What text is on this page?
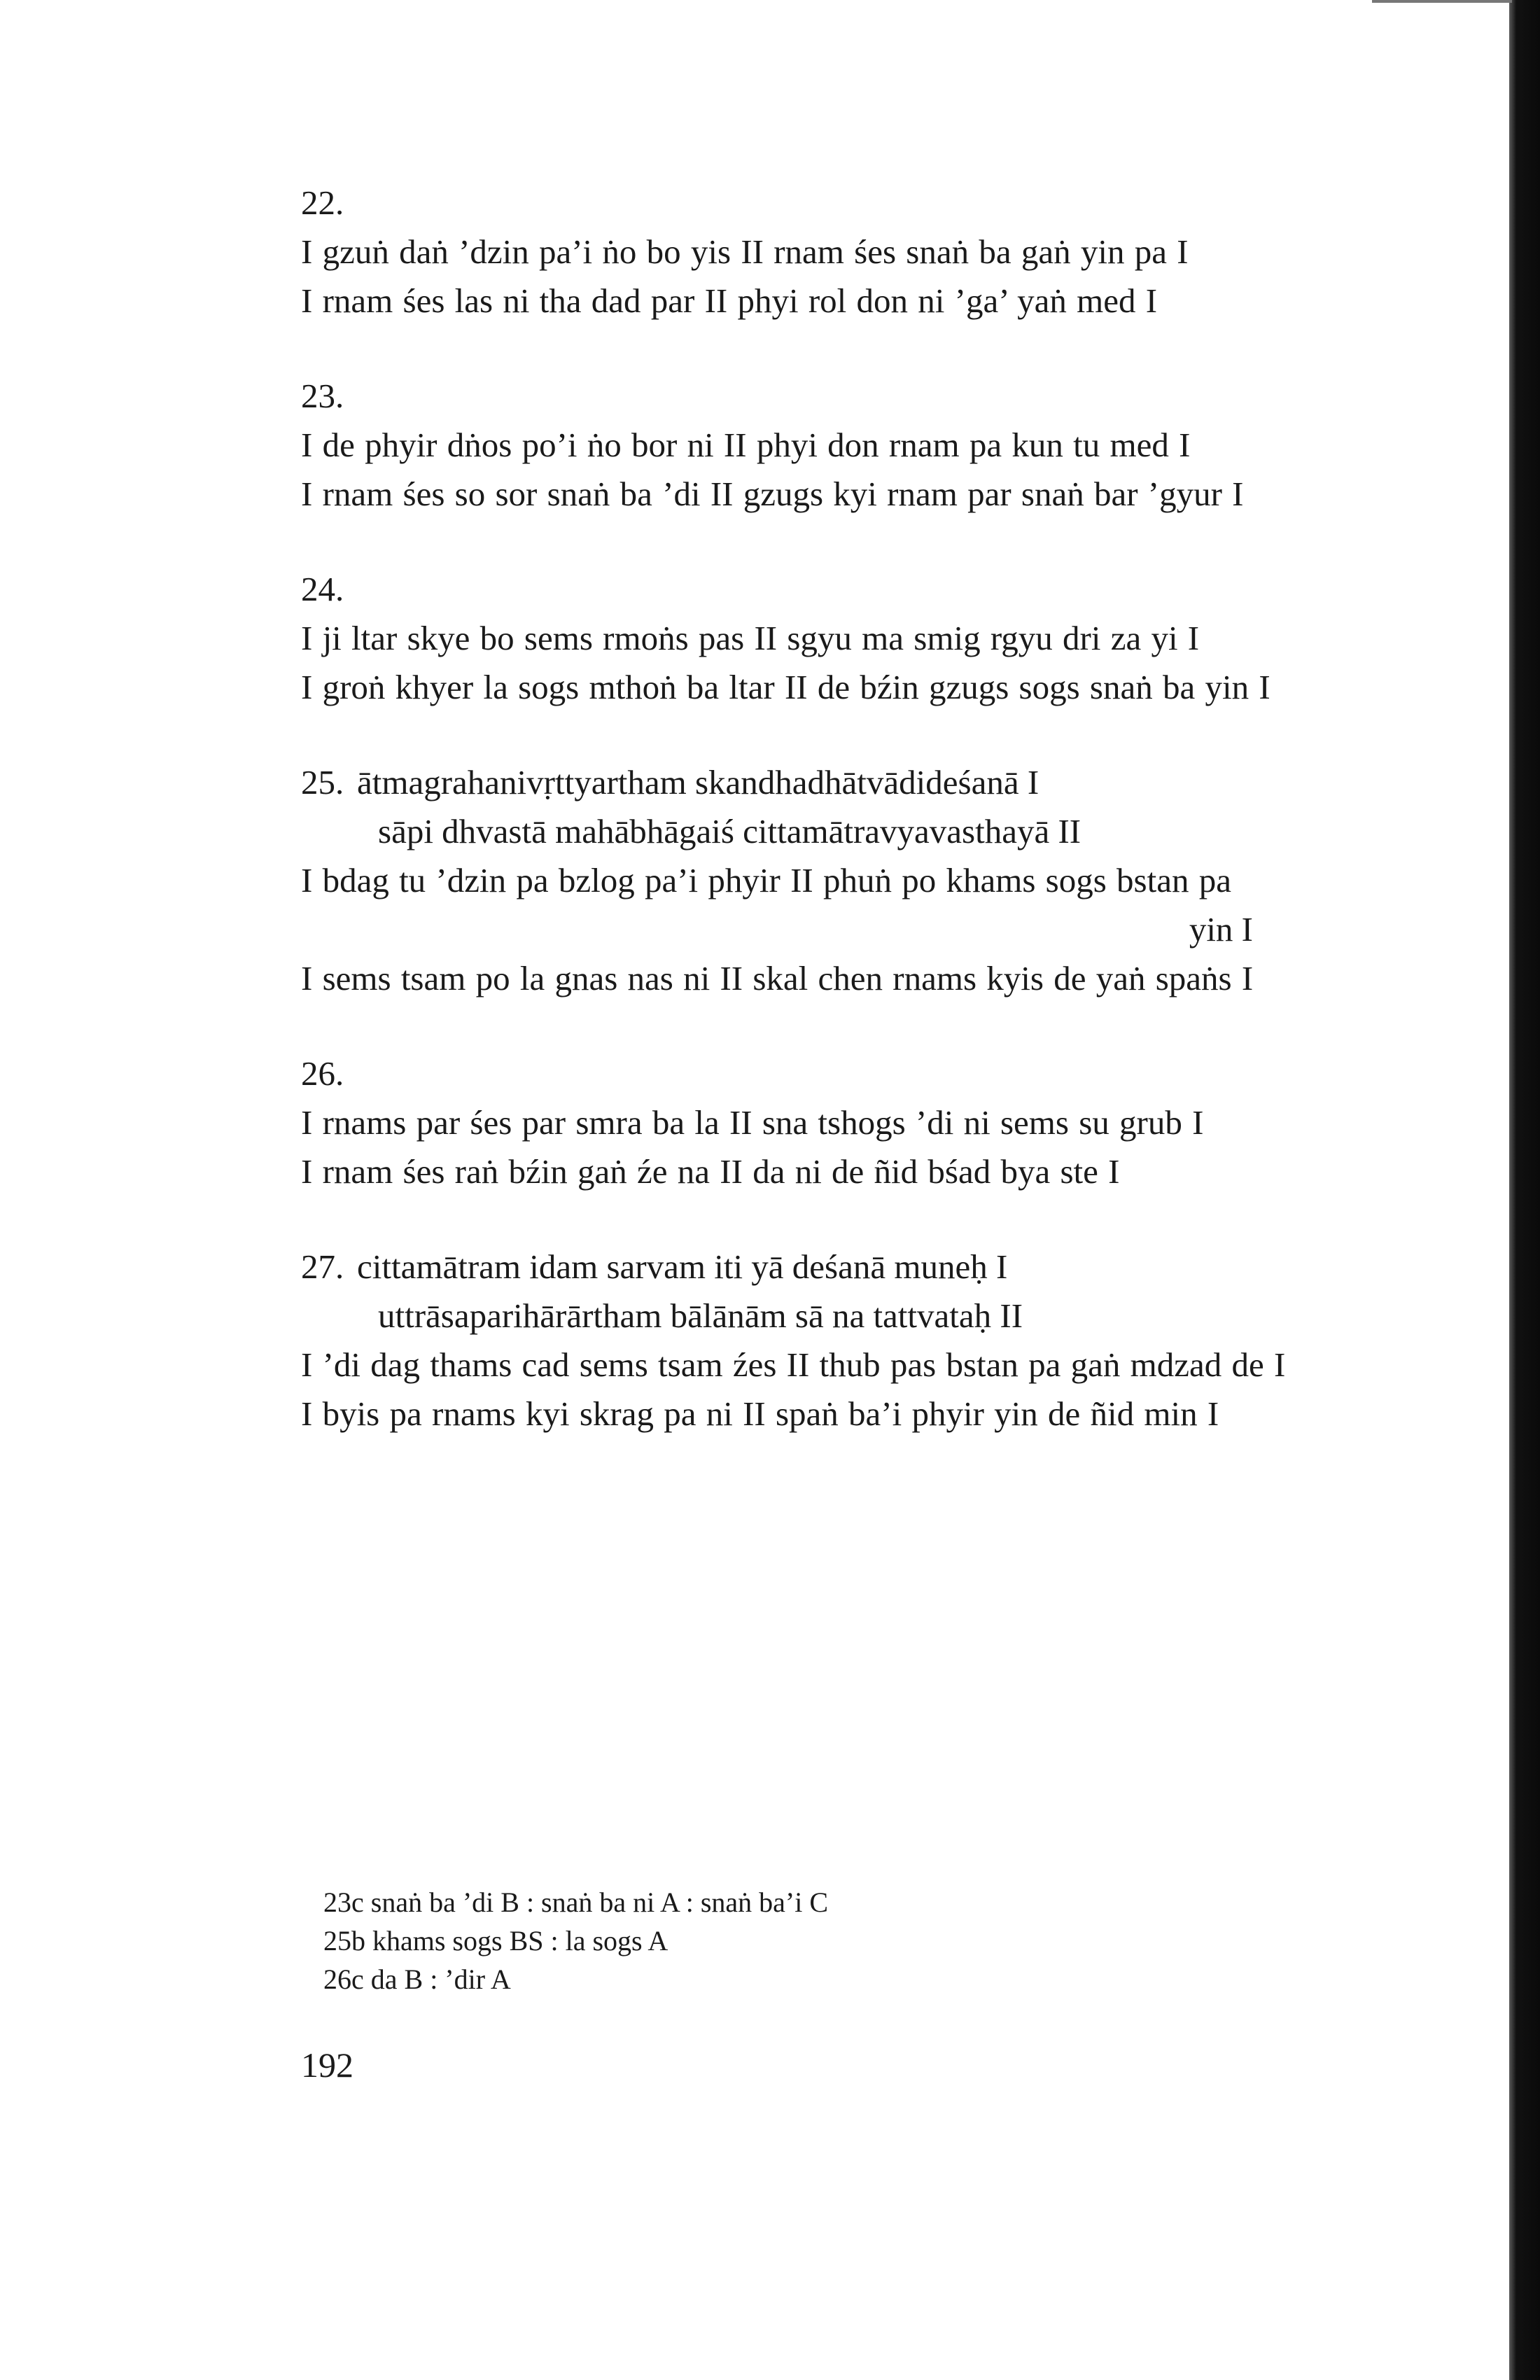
22.
I gzuṅ daṅ ’dzin pa’i ṅo bo yis II rnam śes snaṅ ba gaṅ yin pa I
I rnam śes las ni tha dad par II phyi rol don ni ’ga’ yaṅ med I
23.
I de phyir dṅos po’i ṅo bor ni II phyi don rnam pa kun tu med I
I rnam śes so sor snaṅ ba ’di II gzugs kyi rnam par snaṅ bar ’gyur I
24.
I ji ltar skye bo sems rmoṅs pas II sgyu ma smig rgyu dri za yi I
I groṅ khyer la sogs mthoṅ ba ltar II de bźin gzugs sogs snaṅ ba yin I
25. ātmagrahanivṛttyartham skandhadhātvādideśanā I
sāpi dhvastā mahābhāgaiś cittamātravyavasthayā II
I bdag tu ’dzin pa bzlog pa’i phyir II phuṅ po khams sogs bstan pa
yin I
I sems tsam po la gnas nas ni II skal chen rnams kyis de yaṅ spaṅs I
26.
I rnams par śes par smra ba la II sna tshogs ’di ni sems su grub I
I rnam śes raṅ bźin gaṅ źe na II da ni de ñid bśad bya ste I
27. cittamātram idam sarvam iti yā deśanā muneḥ I
uttrāsaparihārārtham bālānām sā na tattvataḥ II
I ’di dag thams cad sems tsam źes II thub pas bstan pa gaṅ mdzad de I
I byis pa rnams kyi skrag pa ni II spaṅ ba’i phyir yin de ñid min I
23c snaṅ ba ’di B : snaṅ ba ni A : snaṅ ba’i C
25b khams sogs BS : la sogs A
26c da B : ’dir A
192
